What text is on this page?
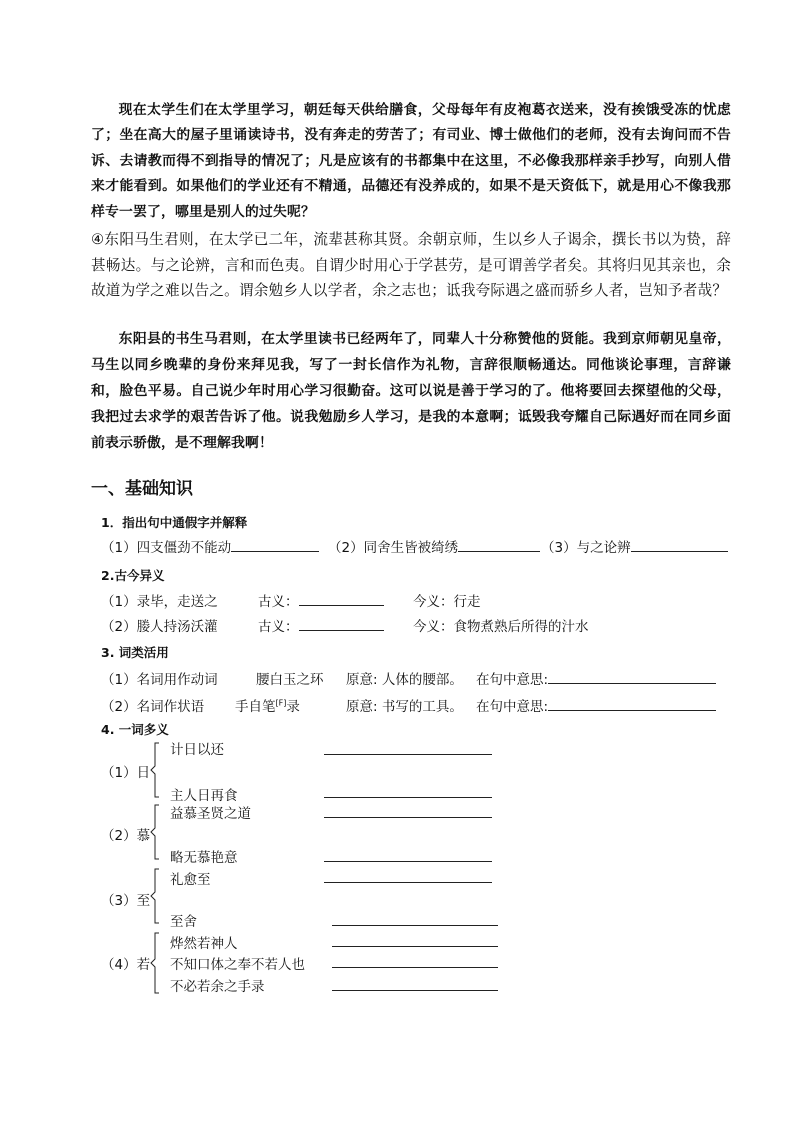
现在太学生们在太学里学习，朝廷每天供给膳食，父母每年有皮袍葛衣送来，没有挨饿受冻的忧虑了；坐在高大的屋子里诵读诗书，没有奔走的劳苦了；有司业、博士做他们的老师，没有去询问而不告诉、去请教而得不到指导的情况了；凡是应该有的书都集中在这里，不必像我那样亲手抄写，向别人借来才能看到。如果他们的学业还有不精通，品德还有没养成的，如果不是天资低下，就是用心不像我那样专一罢了，哪里是别人的过失呢？

④东阳马生君则，在太学已二年，流辈甚称其贤。余朝京师，生以乡人子谒余，撰长书以为贽，辞甚畅达。与之论辨，言和而色夷。自谓少时用心于学甚劳，是可谓善学者矣。其将归见其亲也，余故道为学之难以告之。谓余勉乡人以学者，余之志也；诋我夸际遇之盛而骄乡人者，岂知予者哉？

东阳县的书生马君则，在太学里读书已经两年了，同辈人十分称赞他的贤能。我到京师朝见皇帝，马生以同乡晚辈的身份来拜见我，写了一封长信作为礼物，言辞很顺畅通达。同他谈论事理，言辞谦和，脸色平易。自己说少年时用心学习很勤奋。这可以说是善于学习的了。他将要回去探望他的父母，我把过去求学的艰苦告诉了他。说我勉励乡人学习，是我的本意啊；诋毁我夸耀自己际遇好而在同乡面前表示骄傲，是不理解我啊！

一、基础知识
1．指出句中通假字并解释
（1）四支僵劲不能动	（2）同舍生皆被绮绣	（3）与之论辨
2.古今异义
（1）录毕，走送之	古义：	今义：行走
（2）媵人持汤沃灌	古义：	今义：食物煮熟后所得的汁水
3. 词类活用
（1）名词用作动词	腰白玉之环 原意: 人体的腰部。 在句中意思:
（2）名词作状语 手自笔[F]录	原意: 书写的工具。 在句中意思:
4. 一词多义
（1）日
计日以还
主人日再食
（2）慕
益慕圣贤之道
略无慕艳意
（3）至
礼愈至
至舍
（4）若
烨然若神人
不知口体之奉不若人也
不必若余之手录
